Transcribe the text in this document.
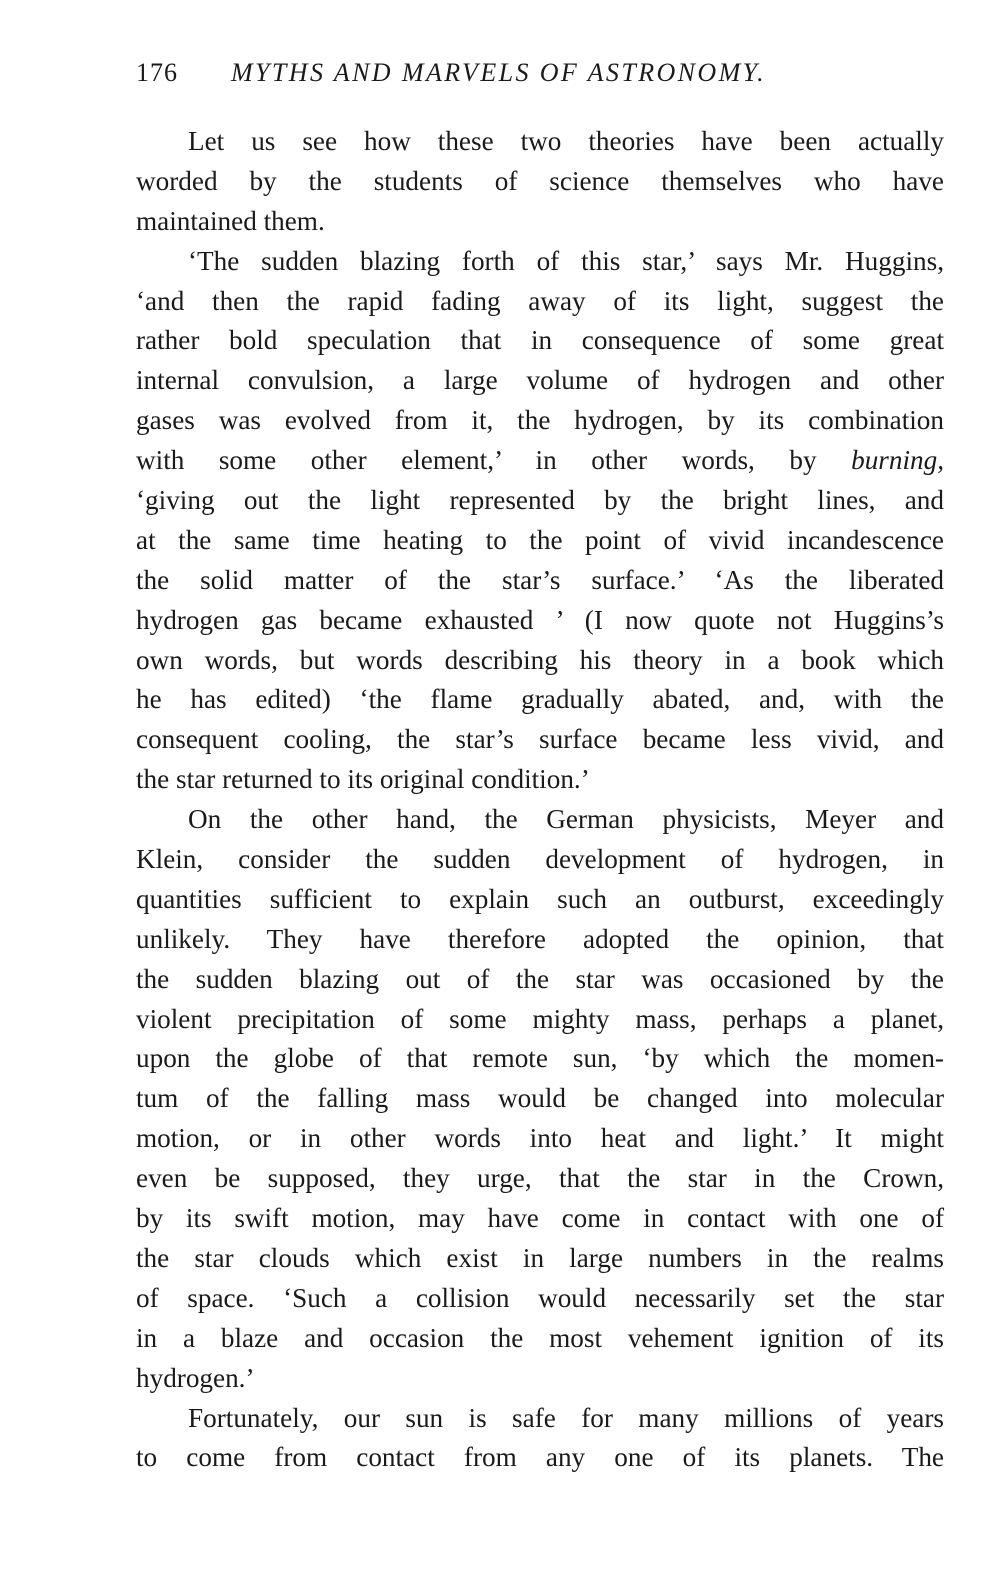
176 MYTHS AND MARVELS OF ASTRONOMY.
Let us see how these two theories have been actually
worded by the students of science themselves who have
maintained them.
‘The sudden blazing forth of this star,’ says Mr. Huggins,
‘and then the rapid fading away of its light, suggest the
rather bold speculation that in consequence of some great
internal convulsion, a large volume of hydrogen and other
gases was evolved from it, the hydrogen, by its combination
with some other element,’ in other words, by burning,
‘giving out the light represented by the bright lines, and
at the same time heating to the point of vivid incandescence
the solid matter of the star’s surface.’ ‘As the liberated
hydrogen gas became exhausted ’ (I now quote not Huggins’s
own words, but words describing his theory in a book which
he has edited) ‘the flame gradually abated, and, with the
consequent cooling, the star’s surface became less vivid, and
the star returned to its original condition.’
On the other hand, the German physicists, Meyer and
Klein, consider the sudden development of hydrogen, in
quantities sufficient to explain such an outburst, exceedingly
unlikely. They have therefore adopted the opinion, that
the sudden blazing out of the star was occasioned by the
violent precipitation of some mighty mass, perhaps a planet,
upon the globe of that remote sun, ‘by which the momen-
tum of the falling mass would be changed into molecular
motion, or in other words into heat and light.’ It might
even be supposed, they urge, that the star in the Crown,
by its swift motion, may have come in contact with one of
the star clouds which exist in large numbers in the realms
of space. ‘Such a collision would necessarily set the star
in a blaze and occasion the most vehement ignition of its
hydrogen.’
Fortunately, our sun is safe for many millions of years
to come from contact from any one of its planets. The
